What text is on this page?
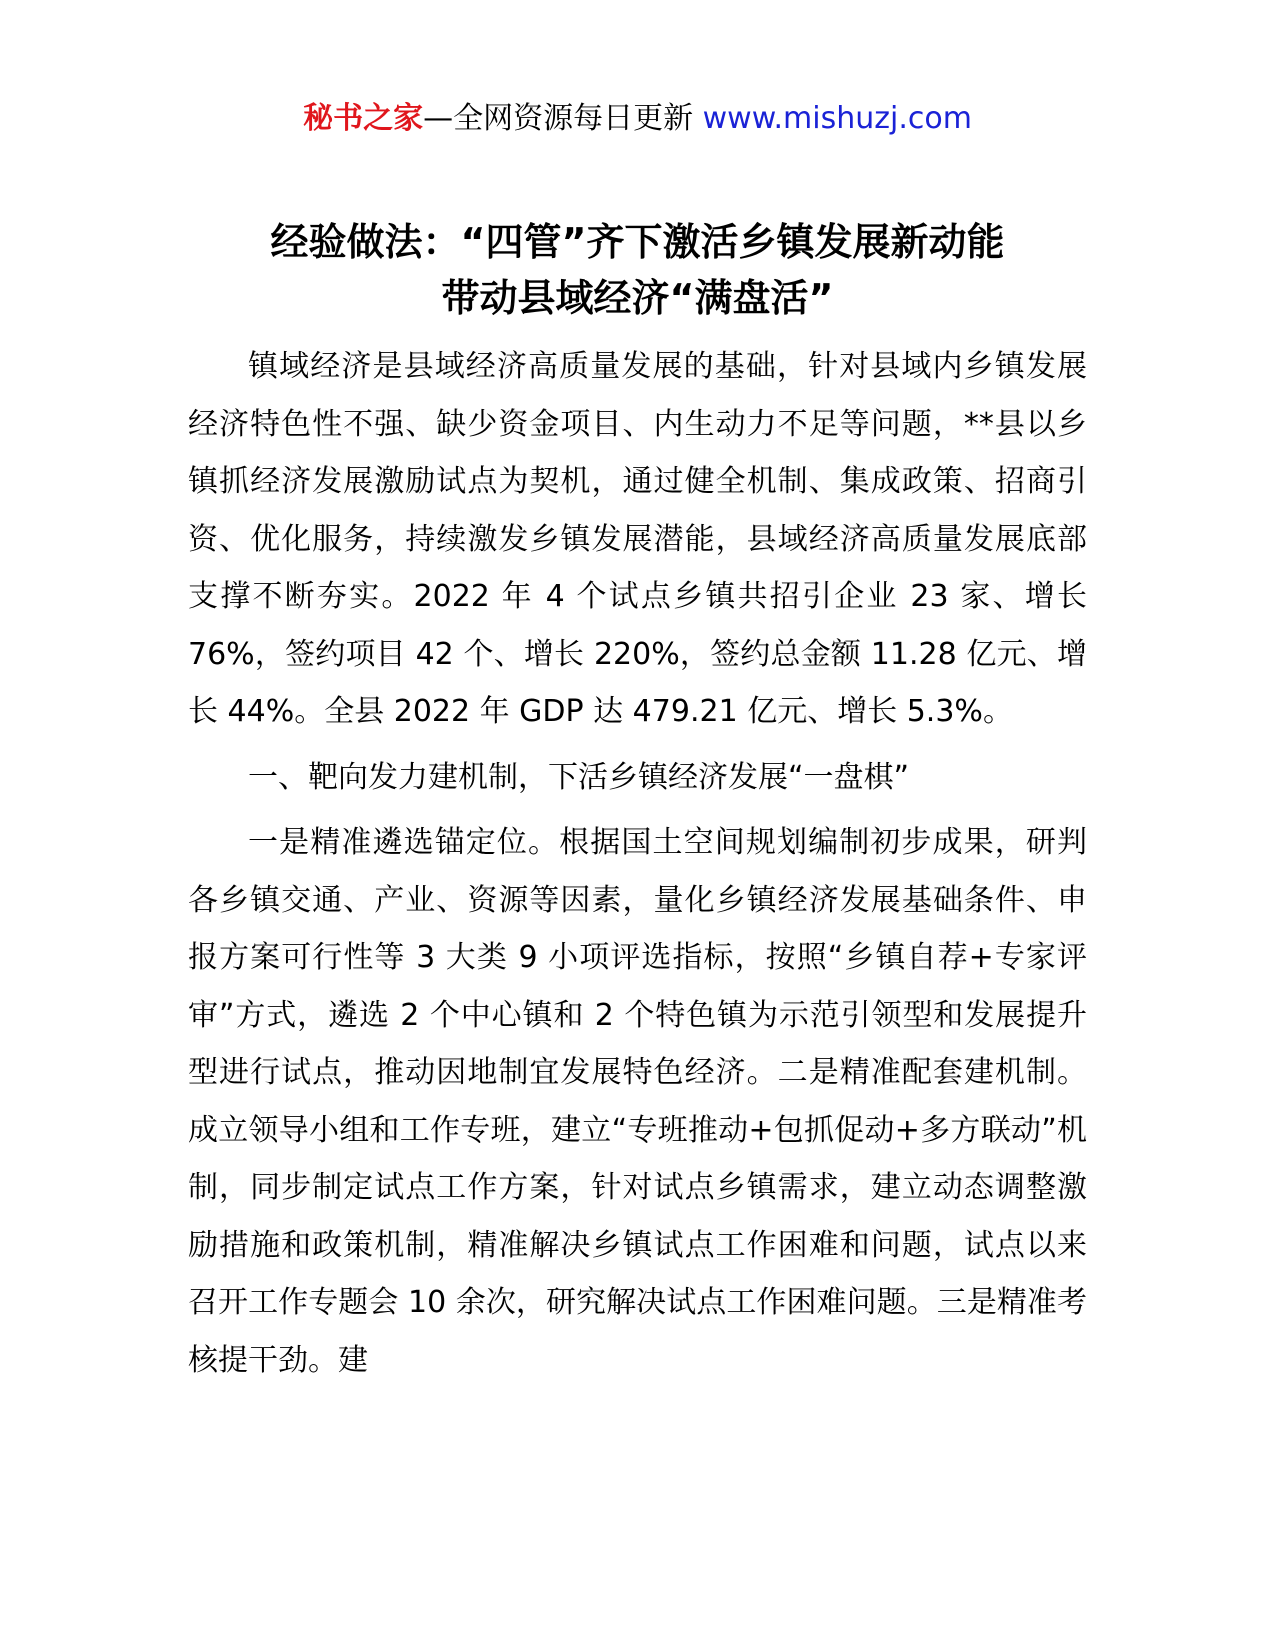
秘书之家—全网资源每日更新 www.mishuzj.com
经验做法：“四管”齐下激活乡镇发展新动能
带动县域经济“满盘活”

镇域经济是县域经济高质量发展的基础，针对县域内乡镇发展经济特色性不强、缺少资金项目、内生动力不足等问题，**县以乡镇抓经济发展激励试点为契机，通过健全机制、集成政策、招商引资、优化服务，持续激发乡镇发展潜能，县域经济高质量发展底部支撑不断夯实。2022 年 4 个试点乡镇共招引企业 23 家、增长 76%，签约项目 42 个、增长 220%，签约总金额 11.28 亿元、增长 44%。全县 2022 年 GDP 达 479.21 亿元、增长 5.3%。

一、靶向发力建机制，下活乡镇经济发展“一盘棋”

一是精准遴选锚定位。根据国土空间规划编制初步成果，研判各乡镇交通、产业、资源等因素，量化乡镇经济发展基础条件、申报方案可行性等 3 大类 9 小项评选指标，按照“乡镇自荐+专家评审”方式，遴选 2 个中心镇和 2 个特色镇为示范引领型和发展提升型进行试点，推动因地制宜发展特色经济。二是精准配套建机制。成立领导小组和工作专班，建立“专班推动+包抓促动+多方联动”机制，同步制定试点工作方案，针对试点乡镇需求，建立动态调整激励措施和政策机制，精准解决乡镇试点工作困难和问题，试点以来召开工作专题会 10 余次，研究解决试点工作困难问题。三是精准考核提干劲。建
